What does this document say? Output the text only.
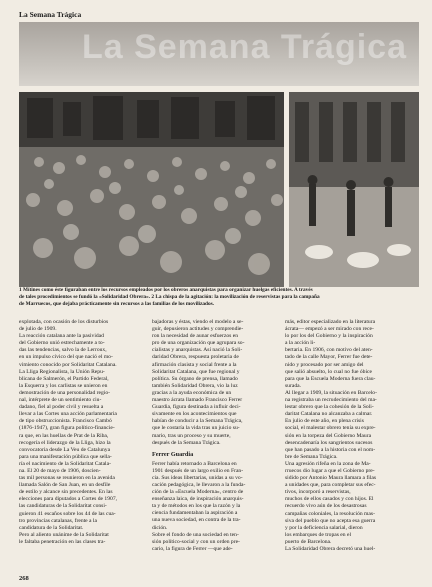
La Semana Trágica
La Semana Trágica
1 Mítines como éste figuraban entre los recursos empleados por los obreros anarquistas para organizar huelgas eficientes. A través
de tales procedimientos se fundó la «Solidaridad Obrera». 2 La chispa de la agitación: la movilización de reservistas para la campaña
de Marruecos, que dejaba prácticamente sin recursos a las familias de los movilizados.
explotada, con ocasión de los disturbios
de julio de 1909.
La reacción catalana ante la pasividad
del Gobierno unió estrechamente a to-
das las tendencias, salvo la de Lerroux,
en un impulso cívico del que nació el mo-
vimiento conocido por Solidaritat Catalana.
La Lliga Regionalista, la Unión Repu-
blicana de Salmerón, el Partido Federal,
la Esquerra y los carlistas se unieron en
demostración de una personalidad regio-
nal, intérprete de un sentimiento ciu-
dadano, fiel al poder civil y resuelta a
llevar a las Cortes una acción parlamentaria
de tipo obstruccionista. Francisco Cambó
(1876-1947), gran figura político-financie-
ra que, en las huellas de Prat de la Riba,
recogería el liderazgo de la Lliga, hizo la
convocatoria desde La Veu de Catalunya
para una manifestación pública que sella-
ría el nacimiento de la Solidaritat Catala-
na. El 20 de mayo de 1906, doscien-
tas mil personas se reunieron en la avenida
llamada Salón de San Juan, en un desfile
de estilo y alcance sin precedentes. En las
elecciones para diputados a Cortes de 1907,
las candidaturas de la Solidaritat consi-
guieron 41 escaños sobre los 44 de las cua-
tro provincias catalanas, frente a la
candidatura de la Solidaritat.
Pero al aliento unánime de la Solidaritat
le faltaba penetración en las clases tra-
bajadoras y éstas, viendo el modelo a se-
guir, depusieron actitudes y comprendie-
ron la necesidad de aunar esfuerzos en
pro de una organización que agrupara so-
cialistas y anarquistas. Así nació la Soli-
daridad Obrera, respuesta proletaria de
afirmación clasista y social frente a la
Solidaritat Catalana, que fue regional y
política. Su órgano de prensa, llamado
también Solidaridad Obrera, vio la luz
gracias a la ayuda económica de un
maestro ácrata llamado Francisco Ferrer
Guardia, figura destinada a influir deci-
sivamente en los acontecimientos que
habían de conducir a la Semana Trágica,
que le costaría la vida tras un juicio su-
mario, tras un proceso y su muerte,
después de la Semana Trágica.
Ferrer Guardia
Ferrer había retornado a Barcelona en
1901 después de un largo exilio en Fran-
cia. Sus ideas libertarias, unidas a su vo-
cación pedagógica, le llevaron a la funda-
ción de la «Escuela Moderna», centro de
enseñanza laica, de inspiración anarquis-
ta y de métodos en los que la razón y la
ciencia fundamentaban la aspiración a
una nueva sociedad, en contra de la tra-
dición.
Sobre el fondo de una sociedad en ten-
sión político-social y con un orden pre-
cario, la figura de Ferrer —que ade-
más, editor especializado en la literatura
ácrata— empezó a ser mirado con rece-
lo por los del Gobierno y la inspiración
a la acción li-
bertaria. En 1906, con motivo del aten-
tado de la calle Mayor, Ferrer fue dete-
nido y procesado por ser amigo del
que salió absuelto, lo cual no fue óbice
para que la Escuela Moderna fuera clau-
surada.
Al llegar a 1909, la situación en Barcelo-
na registraba un recrudecimiento del ma-
lestar obrero que la cohesión de la Soli-
daritat Catalana no alcanzaba a calmar.
En julio de este año, en plena crisis
social, el malestar obrero tenía su expre-
sión en la torpeza del Gobierno Maura
desencadenaría los sangrientos sucesos
que han pasado a la historia con el nom-
bre de Semana Trágica.
Una agresión rifeña en la zona de Ma-
rruecos dio lugar a que el Gobierno pre-
sidido por Antonio Maura llamara a filas
a unidades que, para completar sus efec-
tivos, incorporó a reservistas,
muchos de ellos casados y con hijos. El
recuerdo vivo aún de los desastrosas
campañas coloniales, la resolución mas-
siva del pueblo que no acepta esa guerra
y por la deficiencia salarial, dieron
los embarques de tropas en el
puerto de Barcelona.
La Solidaridad Obrera decretó una huel-
268
